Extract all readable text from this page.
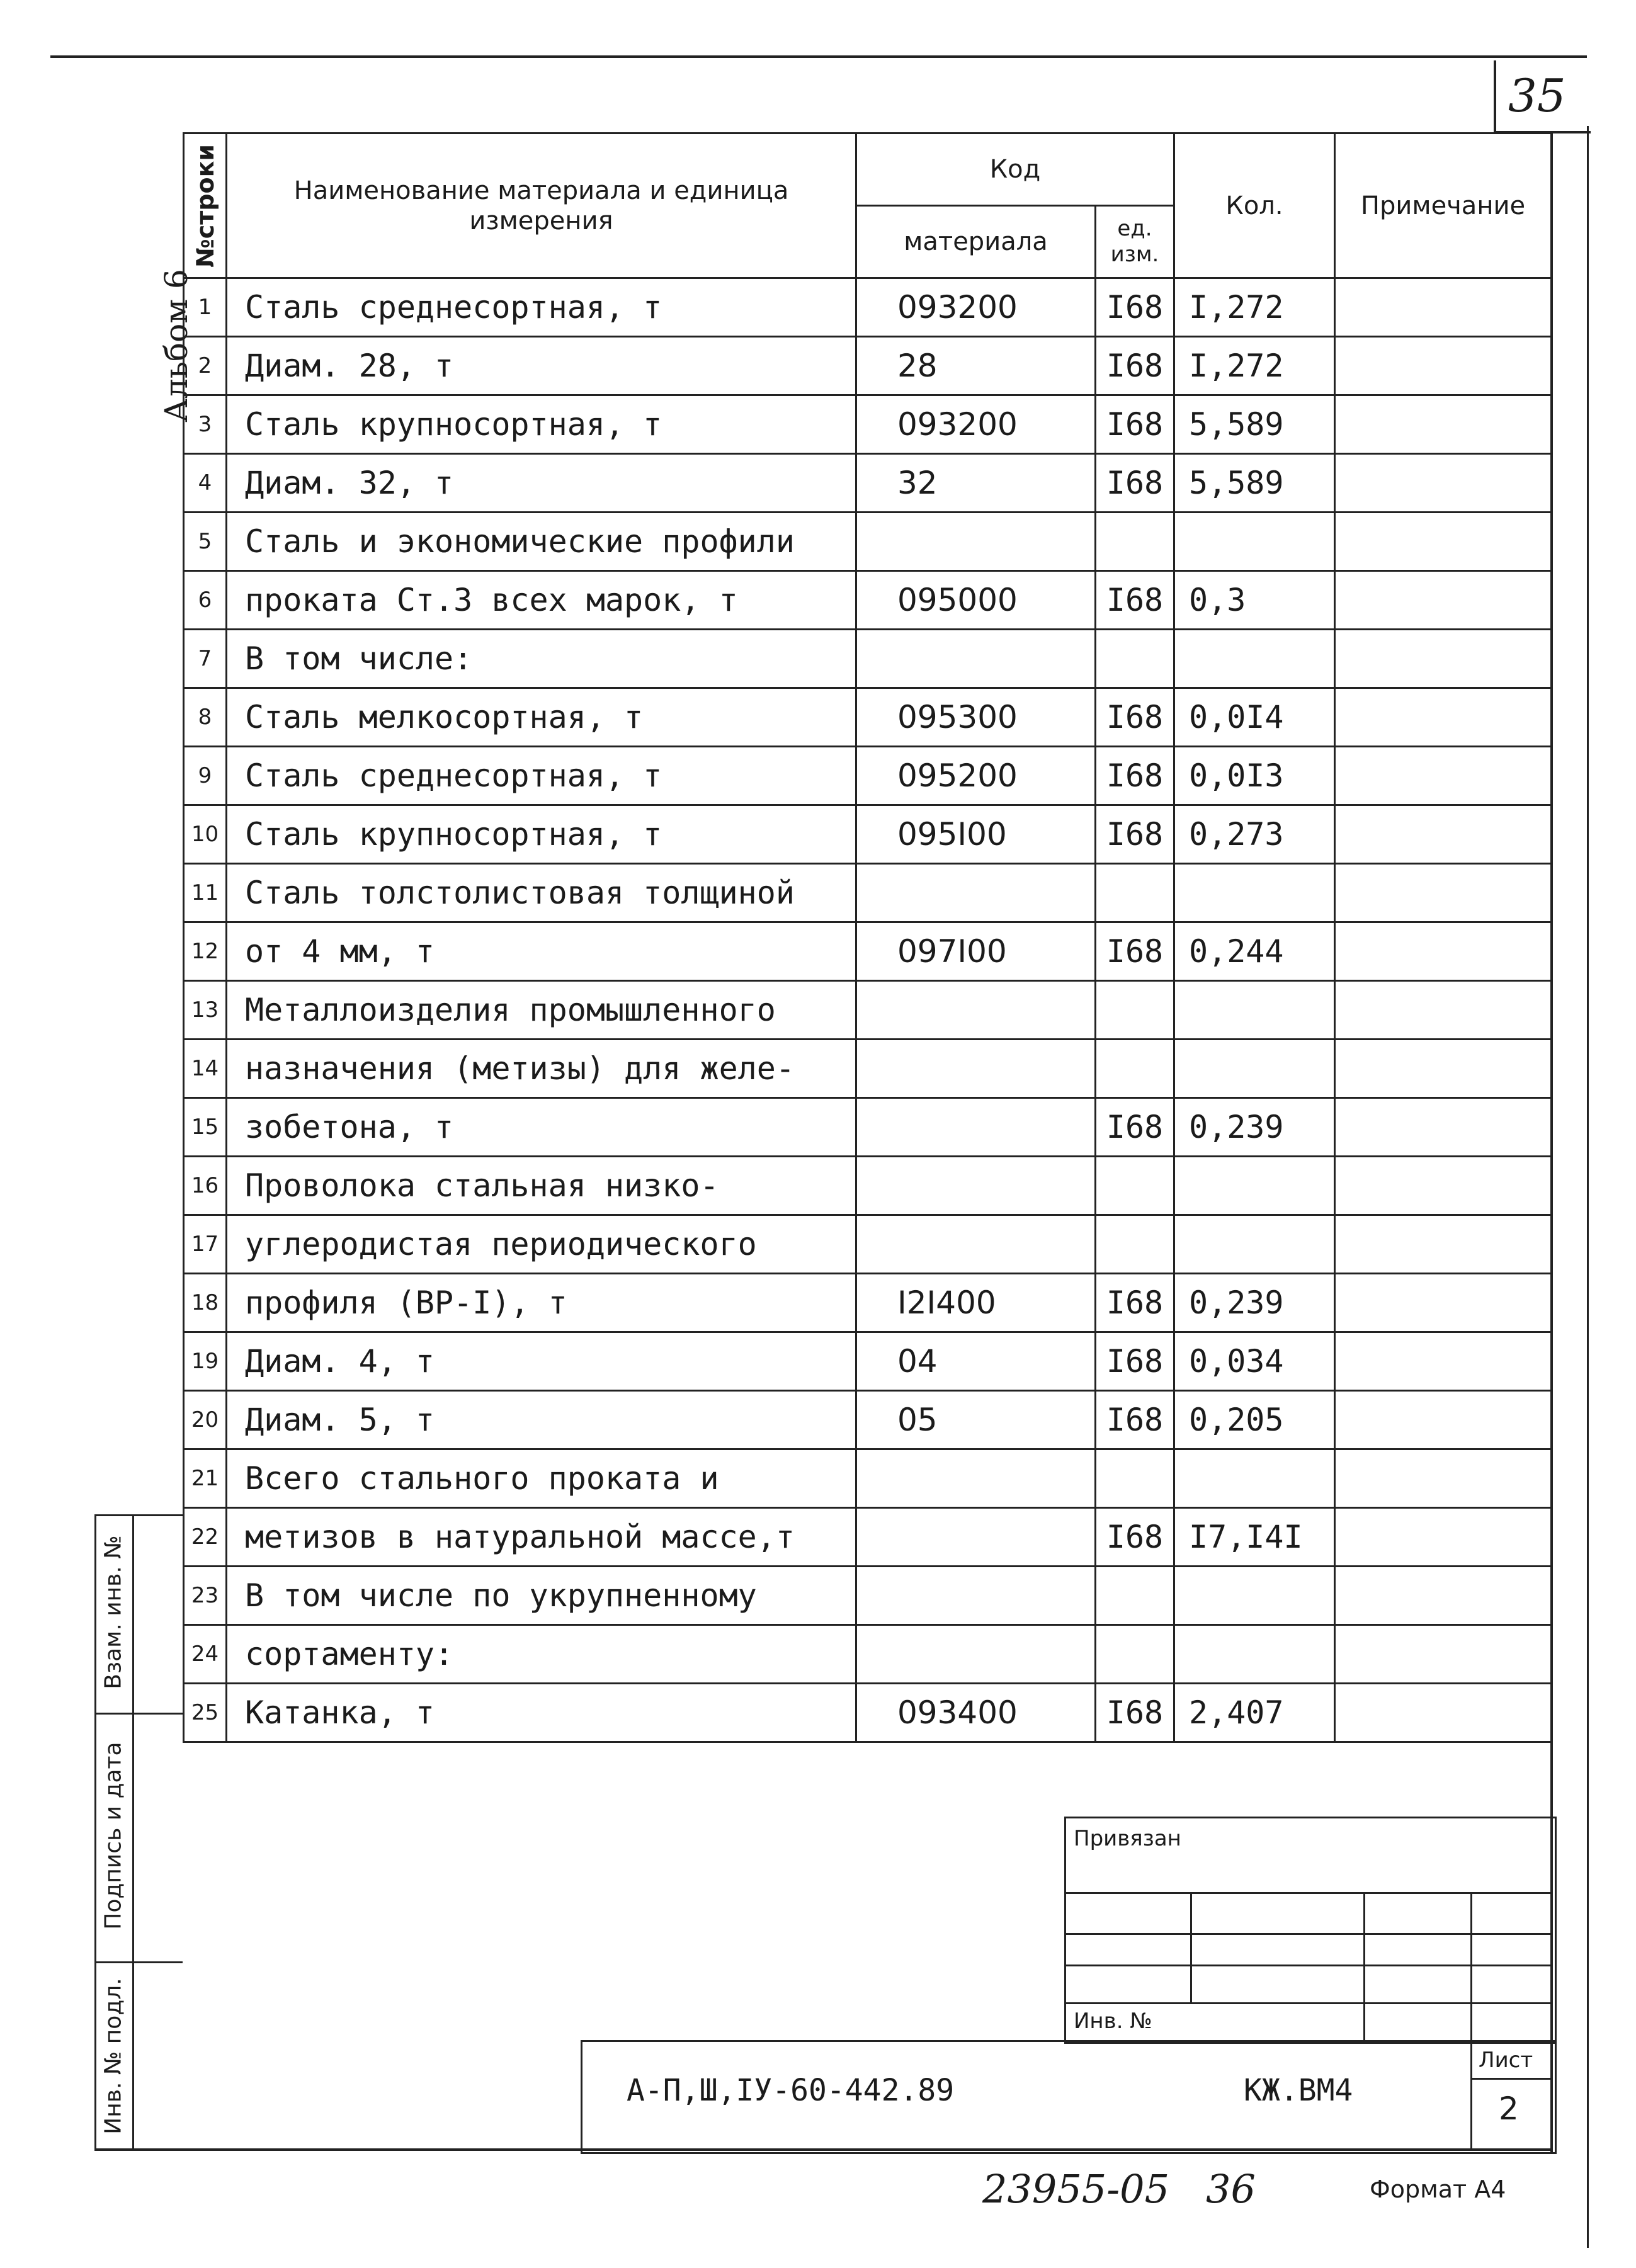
35
Альбом 6
№строки	Наименование материала и единица измерения	Код		Кол.	Примечание
		материала	ед. изм.		
1	Сталь среднесортная, т	093200	I68	I,272	
2	Диам. 28, т	28	I68	I,272	
3	Сталь крупносортная, т	093200	I68	5,589	
4	Диам. 32, т	32	I68	5,589	
5	Сталь и экономические профили				
6	проката Ст.3 всех марок, т	095000	I68	0,3	
7	В том числе:				
8	Сталь мелкосортная, т	095300	I68	0,0I4	
9	Сталь среднесортная, т	095200	I68	0,0I3	
10	Сталь крупносортная, т	095I00	I68	0,273	
11	Сталь толстолистовая толщиной				
12	от 4 мм, т	097I00	I68	0,244	
13	Металлоизделия промышленного				
14	назначения (метизы) для желе-				
15	зобетона, т		I68	0,239	
16	Проволока стальная низко-				
17	углеродистая периодического				
18	профиля (ВР-I), т	I2I400	I68	0,239	
19	Диам. 4, т	04	I68	0,034	
20	Диам. 5, т	05	I68	0,205	
21	Всего стального проката и				
22	метизов в натуральной массе,т		I68	I7,I4I	
23	В том числе по укрупненному				
24	сортаменту:				
25	Катанка, т	093400	I68	2,407	
Взам. инв. №
Подпись и дата
Инв. № подл.
Привязан
Инв. №
А-П,Ш,IУ-60-442.89	КЖ.ВМ4
Лист
2
23955-05 36	Формат А4
